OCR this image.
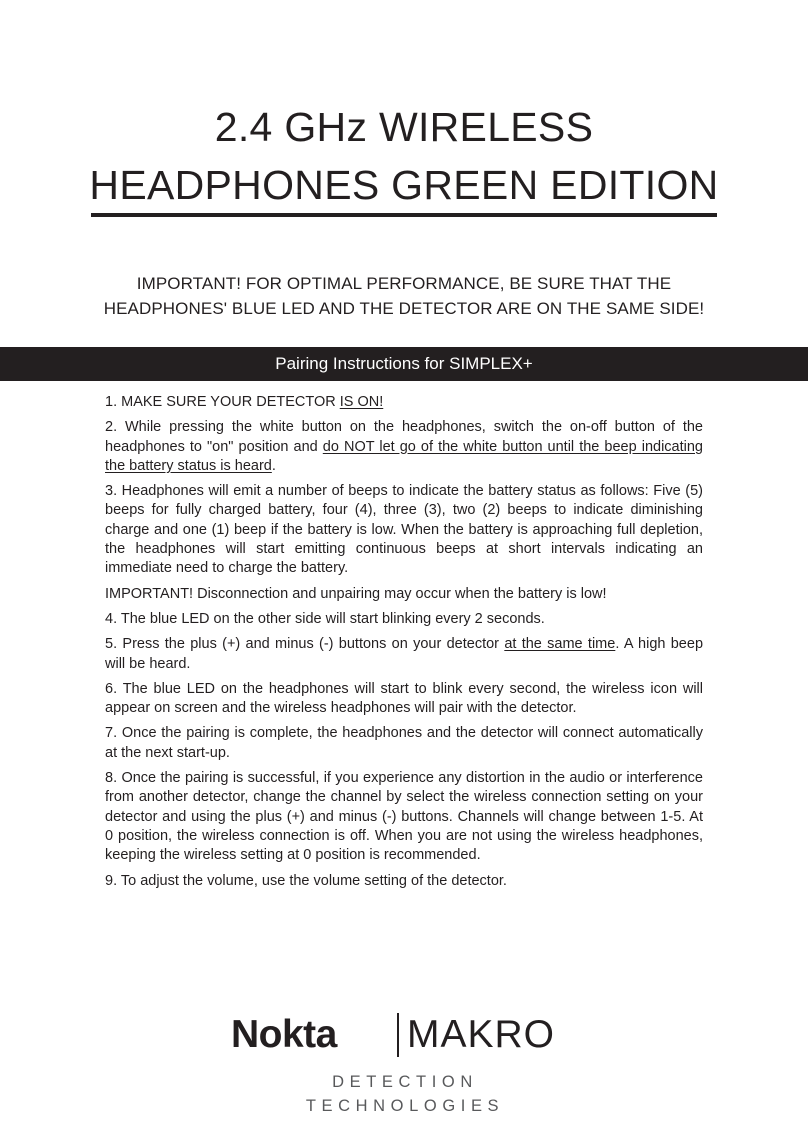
2.4 GHz WIRELESS
HEADPHONES GREEN EDITION
IMPORTANT! FOR OPTIMAL PERFORMANCE, BE SURE THAT THE
HEADPHONES' BLUE LED AND THE DETECTOR ARE ON THE SAME SIDE!
Pairing Instructions for SIMPLEX+

1. MAKE SURE YOUR DETECTOR IS ON!

2. While pressing the white button on the headphones, switch the on-off button of the headphones to "on" position and do NOT let go of the white button until the beep indicating the battery status is heard.

3. Headphones will emit a number of beeps to indicate the battery status as follows: Five (5) beeps for fully charged battery, four (4), three (3), two (2) beeps to indicate diminishing charge and one (1) beep if the battery is low. When the battery is approaching full depletion, the headphones will start emitting continuous beeps at short intervals indicating an immediate need to charge the battery.

IMPORTANT! Disconnection and unpairing may occur when the battery is low!

4. The blue LED on the other side will start blinking every 2 seconds.

5. Press the plus (+) and minus (-) buttons on your detector at the same time. A high beep will be heard.

6. The blue LED on the headphones will start to blink every second, the wireless icon will appear on screen and the wireless headphones will pair with the detector.

7. Once the pairing is complete, the headphones and the detector will connect automatically at the next start-up.

8. Once the pairing is successful, if you experience any distortion in the audio or interference from another detector, change the channel by select the wireless connection setting on your detector and using the plus (+) and minus (-) buttons. Channels will change between 1-5. At 0 position, the wireless connection is off. When you are not using the wireless headphones, keeping the wireless setting at 0 position is recommended.

9. To adjust the volume, use the volume setting of the detector.

Nokta MAKRO
DETECTION TECHNOLOGIES
